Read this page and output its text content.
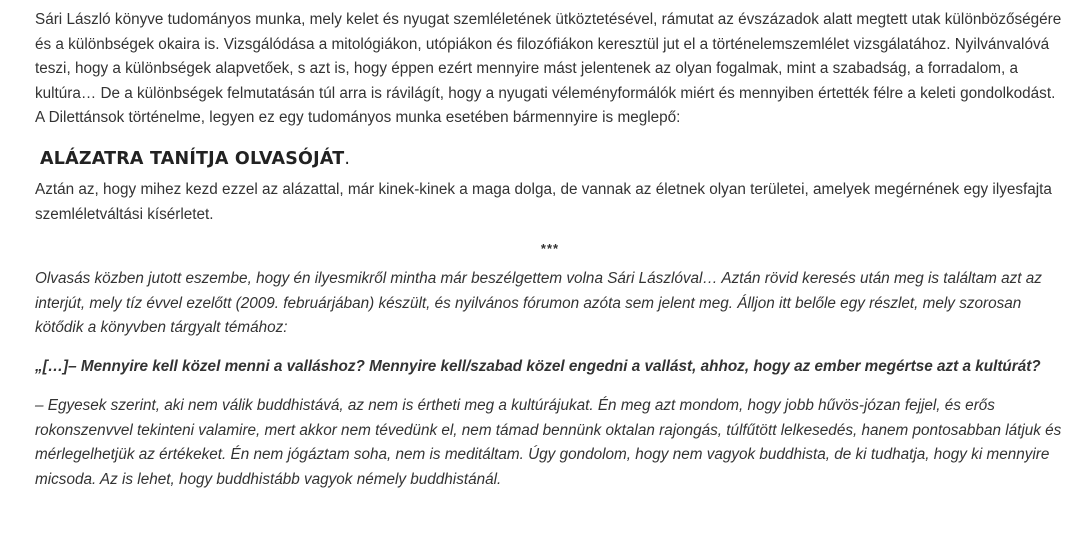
Sári László könyve tudományos munka, mely kelet és nyugat szemléletének ütköztetésével, rámutat az évszázadok alatt megtett utak különbözőségére és a különbségek okaira is. Vizsgálódása a mitológiákon, utópiákon és filozófiákon keresztül jut el a történelemszemlélet vizsgálatához. Nyilvánvalóvá teszi, hogy a különbségek alapvetőek, s azt is, hogy éppen ezért mennyire mást jelentenek az olyan fogalmak, mint a szabadság, a forradalom, a kultúra… De a különbségek felmutatásán túl arra is rávilágít, hogy a nyugati véleményformálók miért és mennyiben értették félre a keleti gondolkodást. A Dilettánsok történelme, legyen ez egy tudományos munka esetében bármennyire is meglepő:

ALÁZATRA TANÍTJA OLVASÓJÁT.

Aztán az, hogy mihez kezd ezzel az alázattal, már kinek-kinek a maga dolga, de vannak az életnek olyan területei, amelyek megérnének egy ilyesfajta szemléletváltási kísérletet.

***

Olvasás közben jutott eszembe, hogy én ilyesmikről mintha már beszélgettem volna Sári Lászlóval… Aztán rövid keresés után meg is találtam azt az interjút, mely tíz évvel ezelőtt (2009. februárjában) készült, és nyilvános fórumon azóta sem jelent meg. Álljon itt belőle egy részlet, mely szorosan kötődik a könyvben tárgyalt témához:

„[…]– Mennyire kell közel menni a valláshoz? Mennyire kell/szabad közel engedni a vallást, ahhoz, hogy az ember megértse azt a kultúrát?

– Egyesek szerint, aki nem válik buddhistává, az nem is értheti meg a kultúrájukat. Én meg azt mondom, hogy jobb hűvös-józan fejjel, és erős rokonszenvvel tekinteni valamire, mert akkor nem tévedünk el, nem támad bennünk oktalan rajongás, túlfűtött lelkesedés, hanem pontosabban látjuk és mérlegelhetjük az értékeket. Én nem jógáztam soha, nem is meditáltam. Úgy gondolom, hogy nem vagyok buddhista, de ki tudhatja, hogy ki mennyire micsoda. Az is lehet, hogy buddhistább vagyok némely buddhistánál.
